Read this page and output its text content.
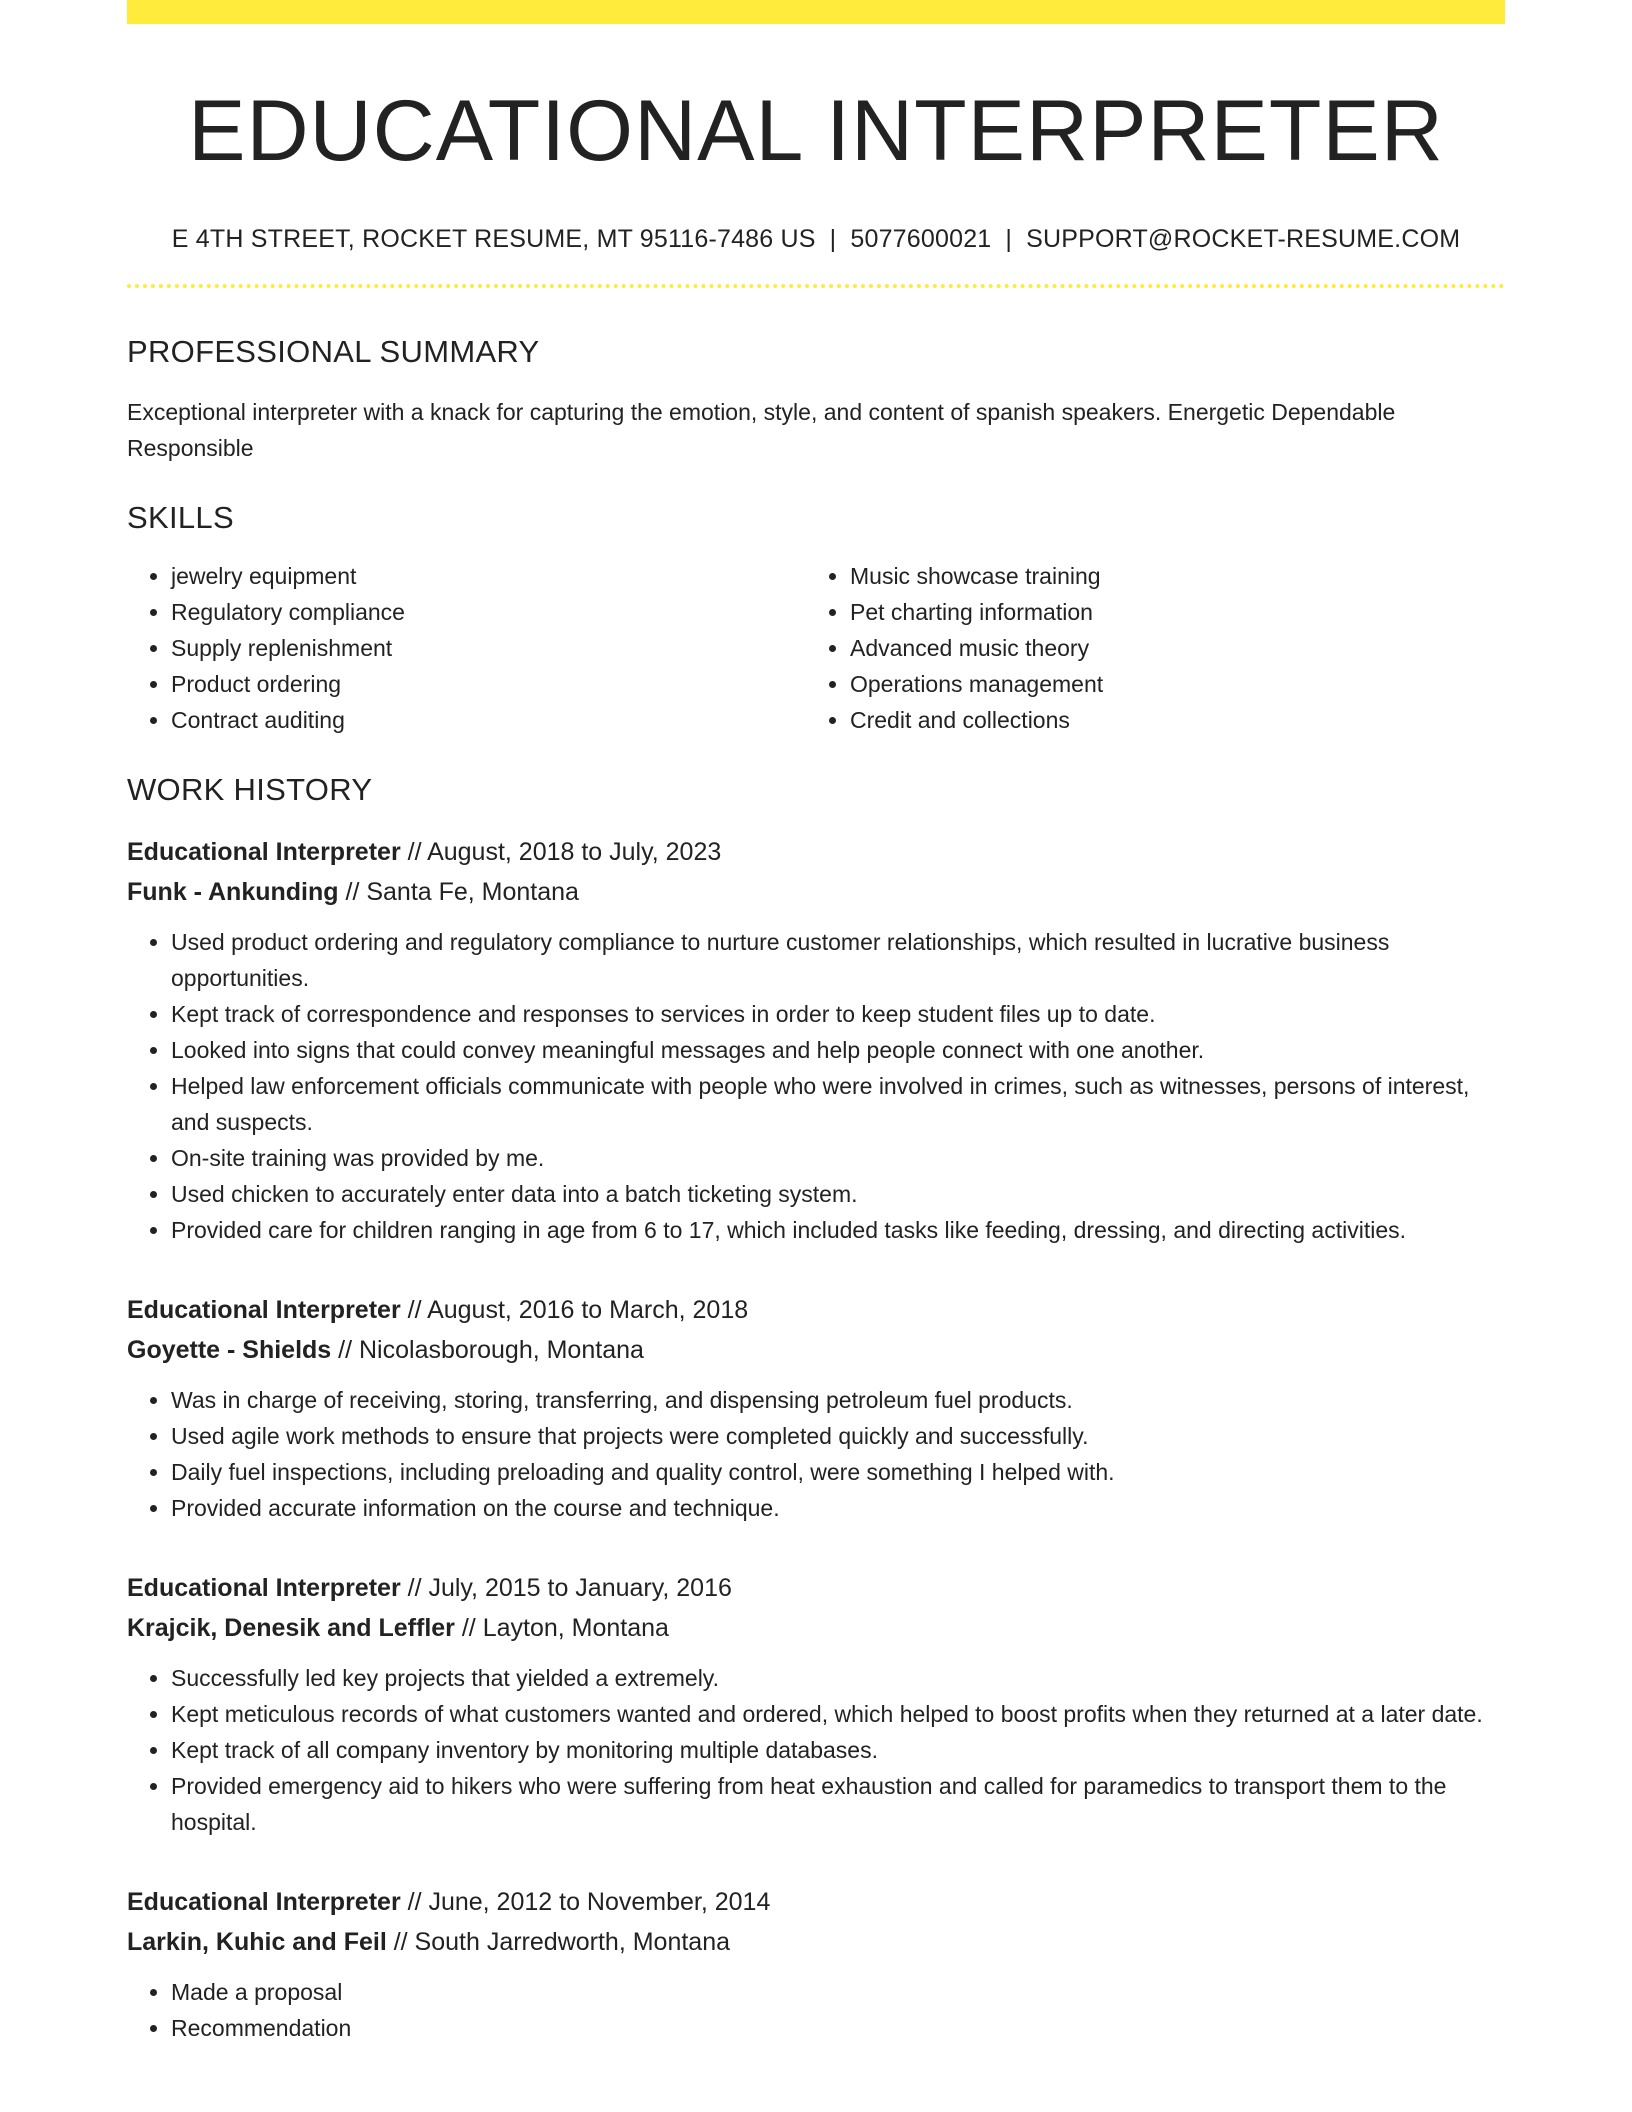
EDUCATIONAL INTERPRETER
E 4TH STREET, ROCKET RESUME, MT 95116-7486 US | 5077600021 | SUPPORT@ROCKET-RESUME.COM
PROFESSIONAL SUMMARY
Exceptional interpreter with a knack for capturing the emotion, style, and content of spanish speakers. Energetic Dependable Responsible
SKILLS
• jewelry equipment
• Regulatory compliance
• Supply replenishment
• Product ordering
• Contract auditing
• Music showcase training
• Pet charting information
• Advanced music theory
• Operations management
• Credit and collections
WORK HISTORY
Educational Interpreter // August, 2018 to July, 2023
Funk - Ankunding // Santa Fe, Montana
• Used product ordering and regulatory compliance to nurture customer relationships, which resulted in lucrative business opportunities.
• Kept track of correspondence and responses to services in order to keep student files up to date.
• Looked into signs that could convey meaningful messages and help people connect with one another.
• Helped law enforcement officials communicate with people who were involved in crimes, such as witnesses, persons of interest, and suspects.
• On-site training was provided by me.
• Used chicken to accurately enter data into a batch ticketing system.
• Provided care for children ranging in age from 6 to 17, which included tasks like feeding, dressing, and directing activities.
Educational Interpreter // August, 2016 to March, 2018
Goyette - Shields // Nicolasborough, Montana
• Was in charge of receiving, storing, transferring, and dispensing petroleum fuel products.
• Used agile work methods to ensure that projects were completed quickly and successfully.
• Daily fuel inspections, including preloading and quality control, were something I helped with.
• Provided accurate information on the course and technique.
Educational Interpreter // July, 2015 to January, 2016
Krajcik, Denesik and Leffler // Layton, Montana
• Successfully led key projects that yielded a extremely.
• Kept meticulous records of what customers wanted and ordered, which helped to boost profits when they returned at a later date.
• Kept track of all company inventory by monitoring multiple databases.
• Provided emergency aid to hikers who were suffering from heat exhaustion and called for paramedics to transport them to the hospital.
Educational Interpreter // June, 2012 to November, 2014
Larkin, Kuhic and Feil // South Jarredworth, Montana
• Made a proposal
• Recommendation
